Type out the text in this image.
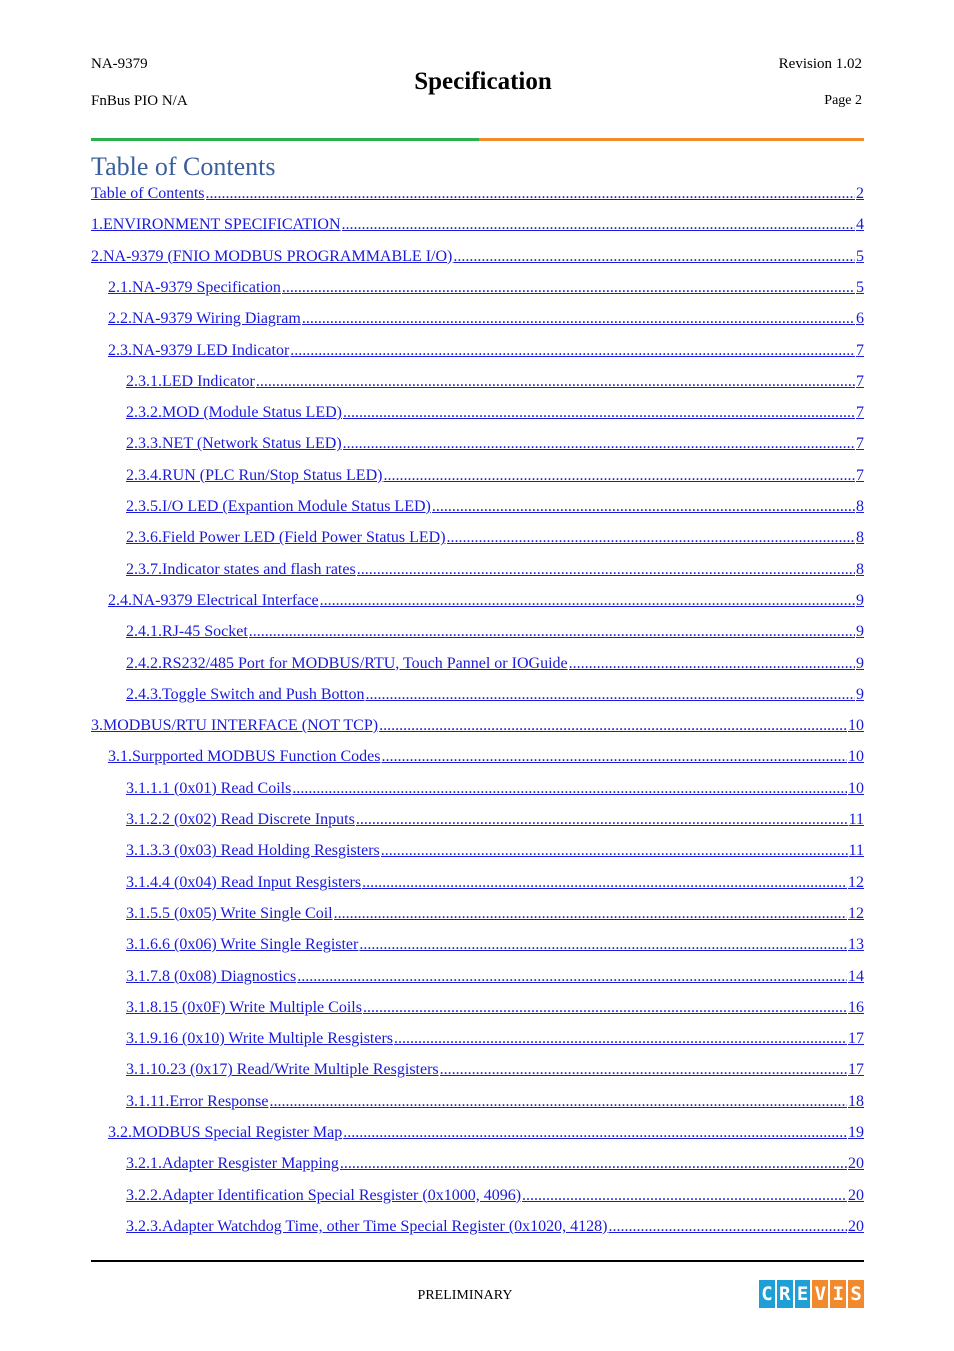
NA-9379
FnBus PIO N/A
Specification
Revision 1.02
Page 2
Table of Contents
Table of Contents .....	2
1.ENVIRONMENT SPECIFICATION .....	4
2.NA-9379 (FNIO MODBUS PROGRAMMABLE I/O) .....	5
2.1.NA-9379 Specification .....	5
2.2.NA-9379 Wiring Diagram .....	6
2.3.NA-9379 LED Indicator .....	7
2.3.1.LED Indicator .....	7
2.3.2.MOD (Module Status LED) .....	7
2.3.3.NET (Network Status LED) .....	7
2.3.4.RUN (PLC Run/Stop Status LED) .....	7
2.3.5.I/O LED (Expantion Module Status LED) .....	8
2.3.6.Field Power LED (Field Power Status LED) .....	8
2.3.7.Indicator states and flash rates .....	8
2.4.NA-9379 Electrical Interface .....	9
2.4.1.RJ-45 Socket .....	9
2.4.2.RS232/485 Port for MODBUS/RTU, Touch Pannel or IOGuide .....	9
2.4.3.Toggle Switch and Push Botton .....	9
3.MODBUS/RTU INTERFACE (NOT TCP) .....	10
3.1.Surpported MODBUS Function Codes .....	10
3.1.1.1 (0x01) Read Coils .....	10
3.1.2.2 (0x02) Read Discrete Inputs .....	11
3.1.3.3 (0x03) Read Holding Resgisters .....	11
3.1.4.4 (0x04) Read Input Resgisters .....	12
3.1.5.5 (0x05) Write Single Coil .....	12
3.1.6.6 (0x06) Write Single Register .....	13
3.1.7.8 (0x08) Diagnostics .....	14
3.1.8.15 (0x0F) Write Multiple Coils .....	16
3.1.9.16 (0x10) Write Multiple Resgisters .....	17
3.1.10.23 (0x17) Read/Write Multiple Resgisters .....	17
3.1.11.Error Response .....	18
3.2.MODBUS Special Register Map .....	19
3.2.1.Adapter Resgister Mapping .....	20
3.2.2.Adapter Identification Special Resgister (0x1000, 4096) .....	20
3.2.3.Adapter Watchdog Time, other Time Special Register (0x1020, 4128) .....	20
PRELIMINARY	C R E V I S
